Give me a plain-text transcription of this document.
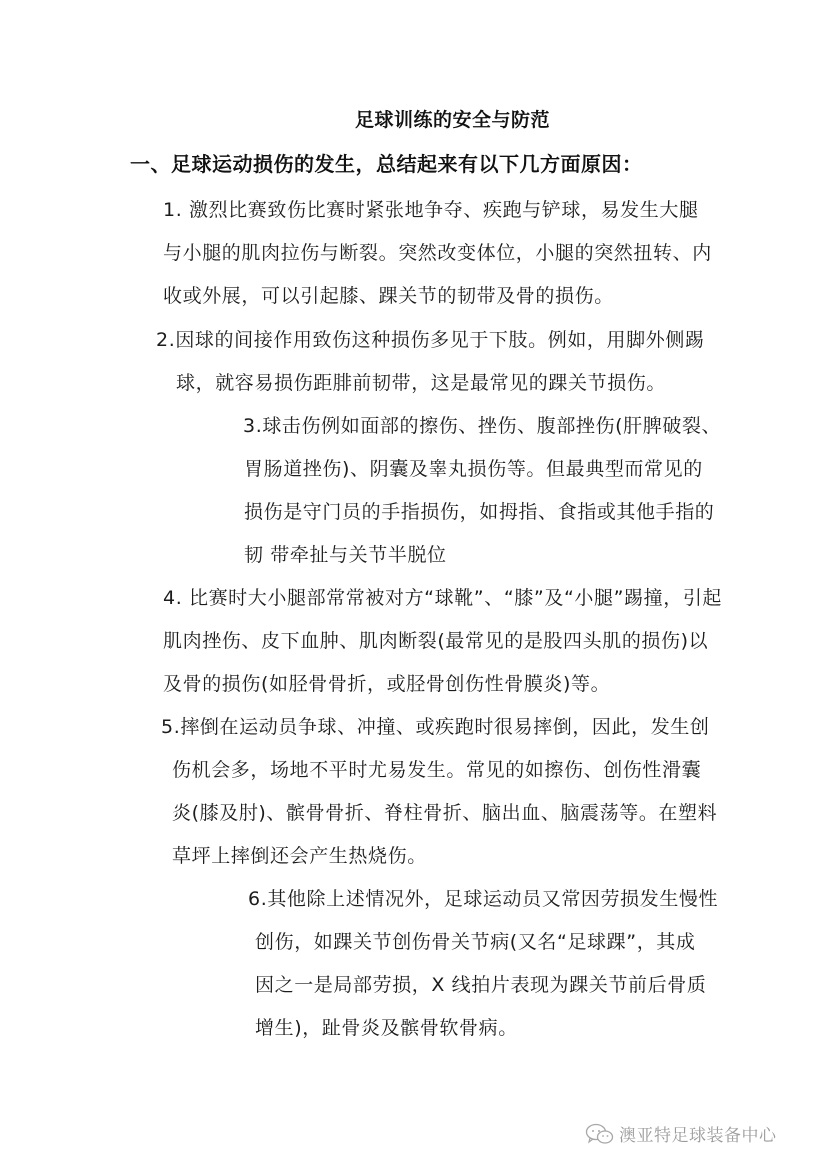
足球训练的安全与防范
一、足球运动损伤的发生，总结起来有以下几方面原因：
1. 激烈比赛致伤比赛时紧张地争夺、疾跑与铲球，易发生大腿
与小腿的肌肉拉伤与断裂。突然改变体位，小腿的突然扭转、内
收或外展，可以引起膝、踝关节的韧带及骨的损伤。
2.因球的间接作用致伤这种损伤多见于下肢。例如，用脚外侧踢
球，就容易损伤距腓前韧带，这是最常见的踝关节损伤。
3.球击伤例如面部的擦伤、挫伤、腹部挫伤(肝脾破裂、
胃肠道挫伤)、阴囊及睾丸损伤等。但最典型而常见的
损伤是守门员的手指损伤，如拇指、食指或其他手指的
韧 带牵扯与关节半脱位
4. 比赛时大小腿部常常被对方“球靴”、“膝”及“小腿”踢撞，引起
肌肉挫伤、皮下血肿、肌肉断裂(最常见的是股四头肌的损伤)以
及骨的损伤(如胫骨骨折，或胫骨创伤性骨膜炎)等。
5.摔倒在运动员争球、冲撞、或疾跑时很易摔倒，因此，发生创
伤机会多，场地不平时尤易发生。常见的如擦伤、创伤性滑囊
炎(膝及肘)、髌骨骨折、脊柱骨折、脑出血、脑震荡等。在塑料
草坪上摔倒还会产生热烧伤。
6.其他除上述情况外，足球运动员又常因劳损发生慢性
创伤，如踝关节创伤骨关节病(又名“足球踝”，其成
因之一是局部劳损，X 线拍片表现为踝关节前后骨质
增生)，趾骨炎及髌骨软骨病。
澳亚特足球装备中心
